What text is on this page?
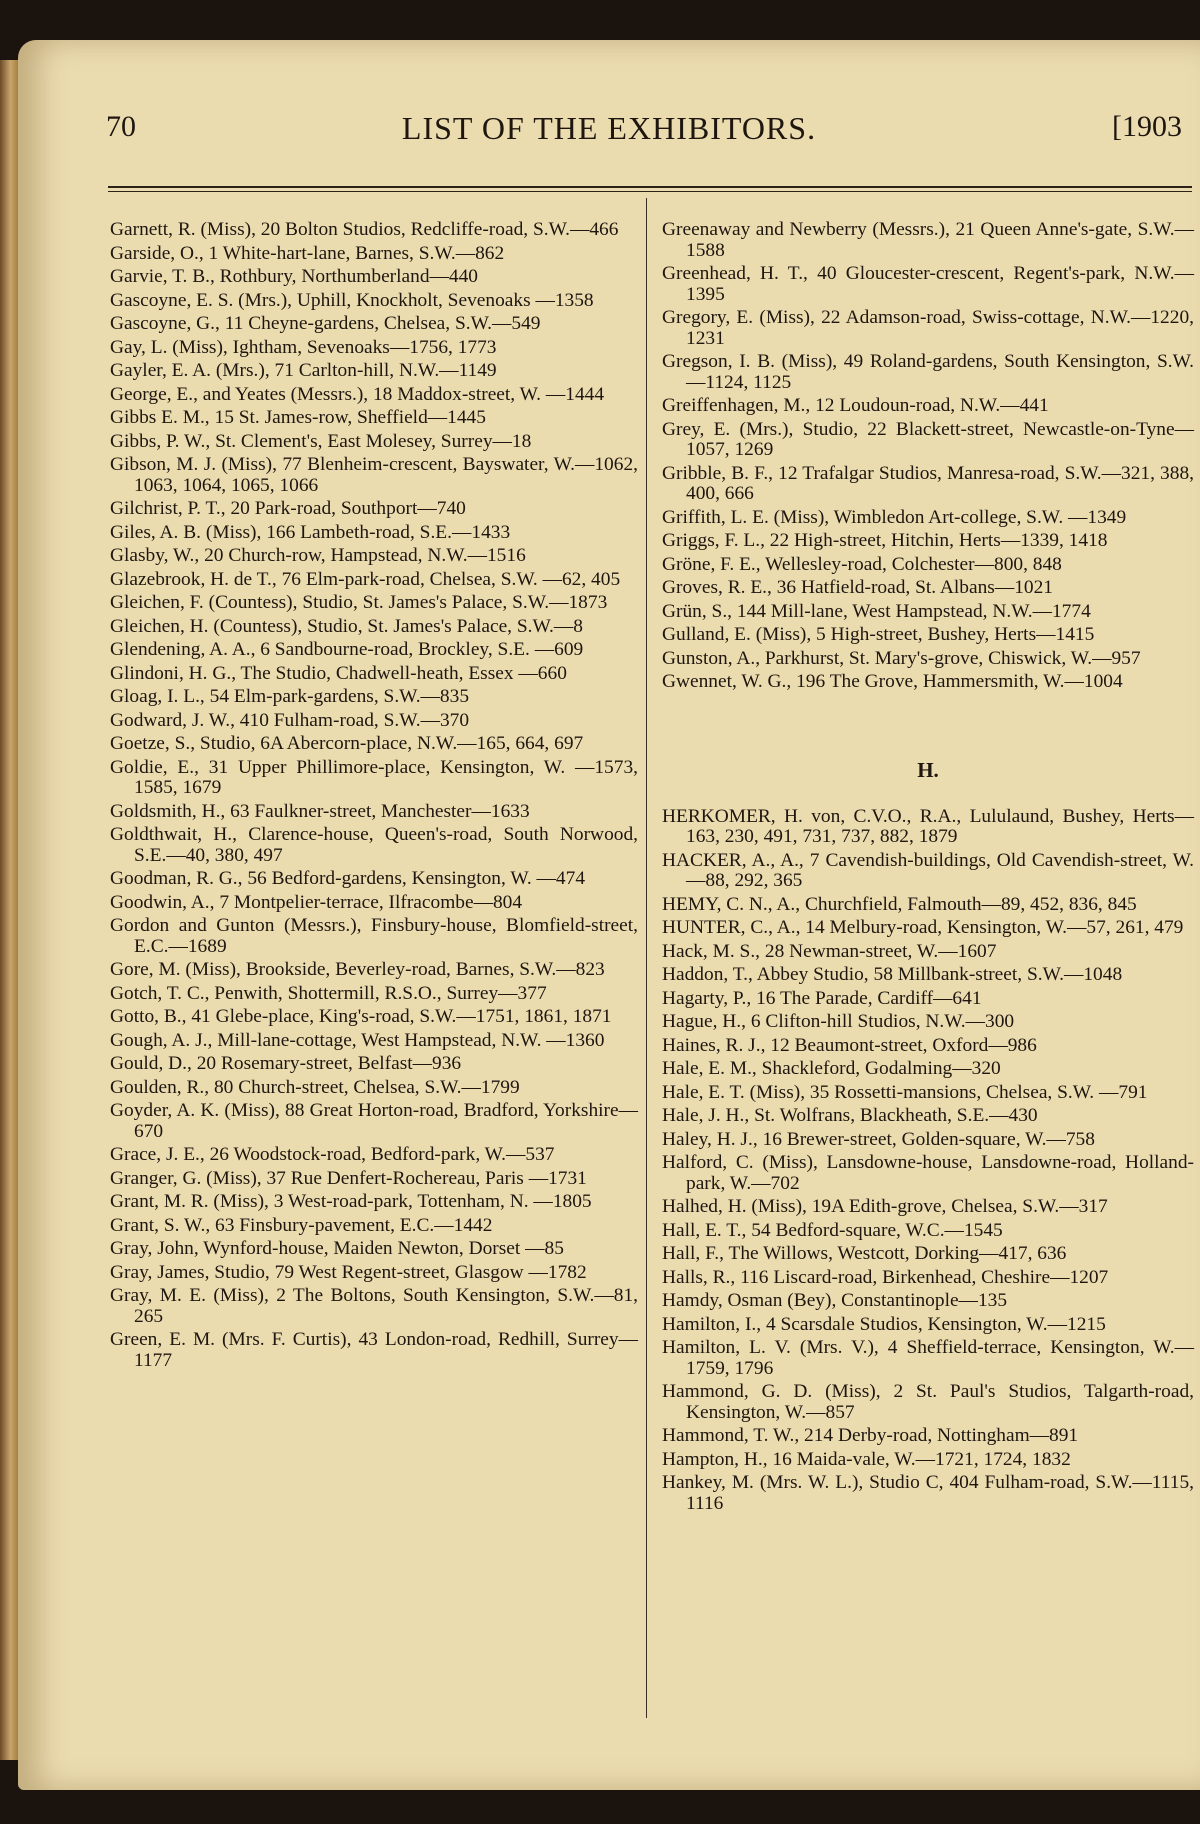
70	LIST OF THE EXHIBITORS.	[1903
Garnett, R. (Miss), 20 Bolton Studios, Redcliffe-road, S.W.—466
Garside, O., 1 White-hart-lane, Barnes, S.W.—862
Garvie, T. B., Rothbury, Northumberland—440
Gascoyne, E. S. (Mrs.), Uphill, Knockholt, Sevenoaks —1358
Gascoyne, G., 11 Cheyne-gardens, Chelsea, S.W.—549
Gay, L. (Miss), Ightham, Sevenoaks—1756, 1773
Gayler, E. A. (Mrs.), 71 Carlton-hill, N.W.—1149
George, E., and Yeates (Messrs.), 18 Maddox-street, W. —1444
Gibbs E. M., 15 St. James-row, Sheffield—1445
Gibbs, P. W., St. Clement's, East Molesey, Surrey—18
Gibson, M. J. (Miss), 77 Blenheim-crescent, Bayswater, W.—1062, 1063, 1064, 1065, 1066
Gilchrist, P. T., 20 Park-road, Southport—740
Giles, A. B. (Miss), 166 Lambeth-road, S.E.—1433
Glasby, W., 20 Church-row, Hampstead, N.W.—1516
Glazebrook, H. de T., 76 Elm-park-road, Chelsea, S.W. —62, 405
Gleichen, F. (Countess), Studio, St. James's Palace, S.W.—1873
Gleichen, H. (Countess), Studio, St. James's Palace, S.W.—8
Glendening, A. A., 6 Sandbourne-road, Brockley, S.E. —609
Glindoni, H. G., The Studio, Chadwell-heath, Essex —660
Gloag, I. L., 54 Elm-park-gardens, S.W.—835
Godward, J. W., 410 Fulham-road, S.W.—370
Goetze, S., Studio, 6A Abercorn-place, N.W.—165, 664, 697
Goldie, E., 31 Upper Phillimore-place, Kensington, W. —1573, 1585, 1679
Goldsmith, H., 63 Faulkner-street, Manchester—1633
Goldthwait, H., Clarence-house, Queen's-road, South Norwood, S.E.—40, 380, 497
Goodman, R. G., 56 Bedford-gardens, Kensington, W. —474
Goodwin, A., 7 Montpelier-terrace, Ilfracombe—804
Gordon and Gunton (Messrs.), Finsbury-house, Blomfield-street, E.C.—1689
Gore, M. (Miss), Brookside, Beverley-road, Barnes, S.W.—823
Gotch, T. C., Penwith, Shottermill, R.S.O., Surrey—377
Gotto, B., 41 Glebe-place, King's-road, S.W.—1751, 1861, 1871
Gough, A. J., Mill-lane-cottage, West Hampstead, N.W. —1360
Gould, D., 20 Rosemary-street, Belfast—936
Goulden, R., 80 Church-street, Chelsea, S.W.—1799
Goyder, A. K. (Miss), 88 Great Horton-road, Bradford, Yorkshire—670
Grace, J. E., 26 Woodstock-road, Bedford-park, W.—537
Granger, G. (Miss), 37 Rue Denfert-Rochereau, Paris —1731
Grant, M. R. (Miss), 3 West-road-park, Tottenham, N. —1805
Grant, S. W., 63 Finsbury-pavement, E.C.—1442
Gray, John, Wynford-house, Maiden Newton, Dorset —85
Gray, James, Studio, 79 West Regent-street, Glasgow —1782
Gray, M. E. (Miss), 2 The Boltons, South Kensington, S.W.—81, 265
Green, E. M. (Mrs. F. Curtis), 43 London-road, Redhill, Surrey—1177
Greenaway and Newberry (Messrs.), 21 Queen Anne's-gate, S.W.—1588
Greenhead, H. T., 40 Gloucester-crescent, Regent's-park, N.W.—1395
Gregory, E. (Miss), 22 Adamson-road, Swiss-cottage, N.W.—1220, 1231
Gregson, I. B. (Miss), 49 Roland-gardens, South Kensington, S.W.—1124, 1125
Greiffenhagen, M., 12 Loudoun-road, N.W.—441
Grey, E. (Mrs.), Studio, 22 Blackett-street, Newcastle-on-Tyne—1057, 1269
Gribble, B. F., 12 Trafalgar Studios, Manresa-road, S.W.—321, 388, 400, 666
Griffith, L. E. (Miss), Wimbledon Art-college, S.W. —1349
Griggs, F. L., 22 High-street, Hitchin, Herts—1339, 1418
Gröne, F. E., Wellesley-road, Colchester—800, 848
Groves, R. E., 36 Hatfield-road, St. Albans—1021
Grün, S., 144 Mill-lane, West Hampstead, N.W.—1774
Gulland, E. (Miss), 5 High-street, Bushey, Herts—1415
Gunston, A., Parkhurst, St. Mary's-grove, Chiswick, W.—957
Gwennet, W. G., 196 The Grove, Hammersmith, W.—1004
H.
HERKOMER, H. von, C.V.O., R.A., Lululaund, Bushey, Herts—163, 230, 491, 731, 737, 882, 1879
HACKER, A., A., 7 Cavendish-buildings, Old Cavendish-street, W.—88, 292, 365
HEMY, C. N., A., Churchfield, Falmouth—89, 452, 836, 845
HUNTER, C., A., 14 Melbury-road, Kensington, W.—57, 261, 479
Hack, M. S., 28 Newman-street, W.—1607
Haddon, T., Abbey Studio, 58 Millbank-street, S.W.—1048
Hagarty, P., 16 The Parade, Cardiff—641
Hague, H., 6 Clifton-hill Studios, N.W.—300
Haines, R. J., 12 Beaumont-street, Oxford—986
Hale, E. M., Shackleford, Godalming—320
Hale, E. T. (Miss), 35 Rossetti-mansions, Chelsea, S.W. —791
Hale, J. H., St. Wolfrans, Blackheath, S.E.—430
Haley, H. J., 16 Brewer-street, Golden-square, W.—758
Halford, C. (Miss), Lansdowne-house, Lansdowne-road, Holland-park, W.—702
Halhed, H. (Miss), 19A Edith-grove, Chelsea, S.W.—317
Hall, E. T., 54 Bedford-square, W.C.—1545
Hall, F., The Willows, Westcott, Dorking—417, 636
Halls, R., 116 Liscard-road, Birkenhead, Cheshire—1207
Hamdy, Osman (Bey), Constantinople—135
Hamilton, I., 4 Scarsdale Studios, Kensington, W.—1215
Hamilton, L. V. (Mrs. V.), 4 Sheffield-terrace, Kensington, W.—1759, 1796
Hammond, G. D. (Miss), 2 St. Paul's Studios, Talgarth-road, Kensington, W.—857
Hammond, T. W., 214 Derby-road, Nottingham—891
Hampton, H., 16 Maida-vale, W.—1721, 1724, 1832
Hankey, M. (Mrs. W. L.), Studio C, 404 Fulham-road, S.W.—1115, 1116
